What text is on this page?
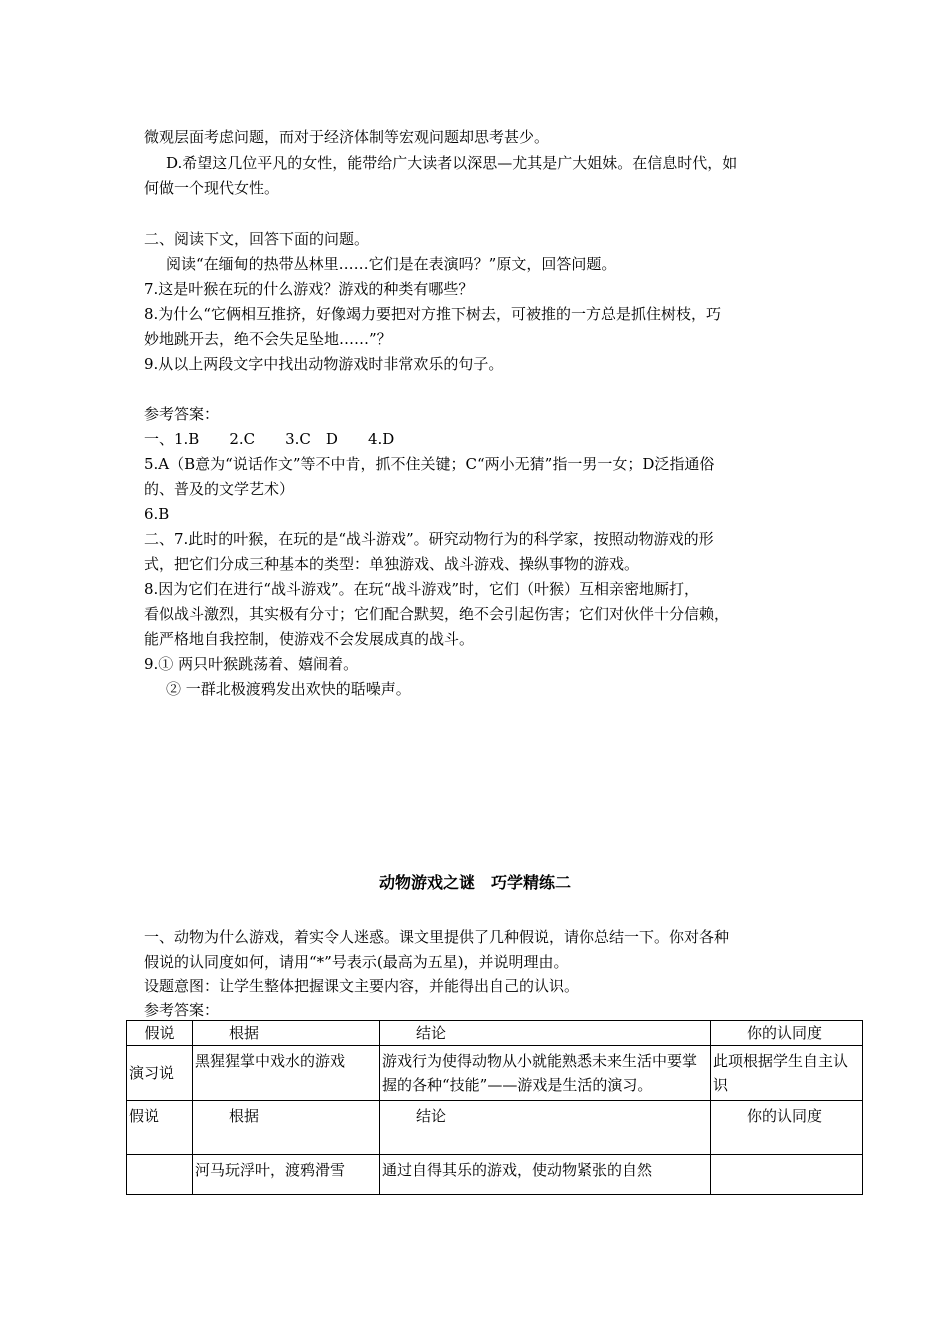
微观层面考虑问题，而对于经济体制等宏观问题却思考甚少。
D.希望这几位平凡的女性，能带给广大读者以深思—尤其是广大姐妹。在信息时代，如
何做一个现代女性。
二、阅读下文，回答下面的问题。
阅读“在缅甸的热带丛林里……它们是在表演吗？”原文，回答问题。
7.这是叶猴在玩的什么游戏？游戏的种类有哪些？
8.为什么“它俩相互推挤，好像竭力要把对方推下树去，可被推的一方总是抓住树枝，巧
妙地跳开去，绝不会失足坠地……”？
9.从以上两段文字中找出动物游戏时非常欢乐的句子。
参考答案：
一、1.B　　2.C　　3.C　D　　4.D
5.A（B意为“说话作文”等不中肯，抓不住关键；C“两小无猜”指一男一女；D泛指通俗
的、普及的文学艺术）
6.B
二、7.此时的叶猴，在玩的是“战斗游戏”。研究动物行为的科学家，按照动物游戏的形
式，把它们分成三种基本的类型：单独游戏、战斗游戏、操纵事物的游戏。
8.因为它们在进行“战斗游戏”。在玩“战斗游戏”时，它们（叶猴）互相亲密地厮打，
看似战斗激烈，其实极有分寸；它们配合默契，绝不会引起伤害；它们对伙伴十分信赖，
能严格地自我控制，使游戏不会发展成真的战斗。
9.① 两只叶猴跳荡着、嬉闹着。
② 一群北极渡鸦发出欢快的聒噪声。
动物游戏之谜　巧学精练二
一、动物为什么游戏，着实令人迷惑。课文里提供了几种假说，请你总结一下。你对各种
假说的认同度如何，请用“*”号表示(最高为五星)，并说明理由。
设题意图：让学生整体把握课文主要内容，并能得出自己的认识。
参考答案：
假说	根据	结论	你的认同度
演习说	黑猩猩掌中戏水的游戏	游戏行为使得动物从小就能熟悉未来生活中要掌握的各种“技能”——游戏是生活的演习。	此项根据学生自主认识
假说	根据	结论	你的认同度
	河马玩浮叶，渡鸦滑雪	通过自得其乐的游戏，使动物紧张的自然	
